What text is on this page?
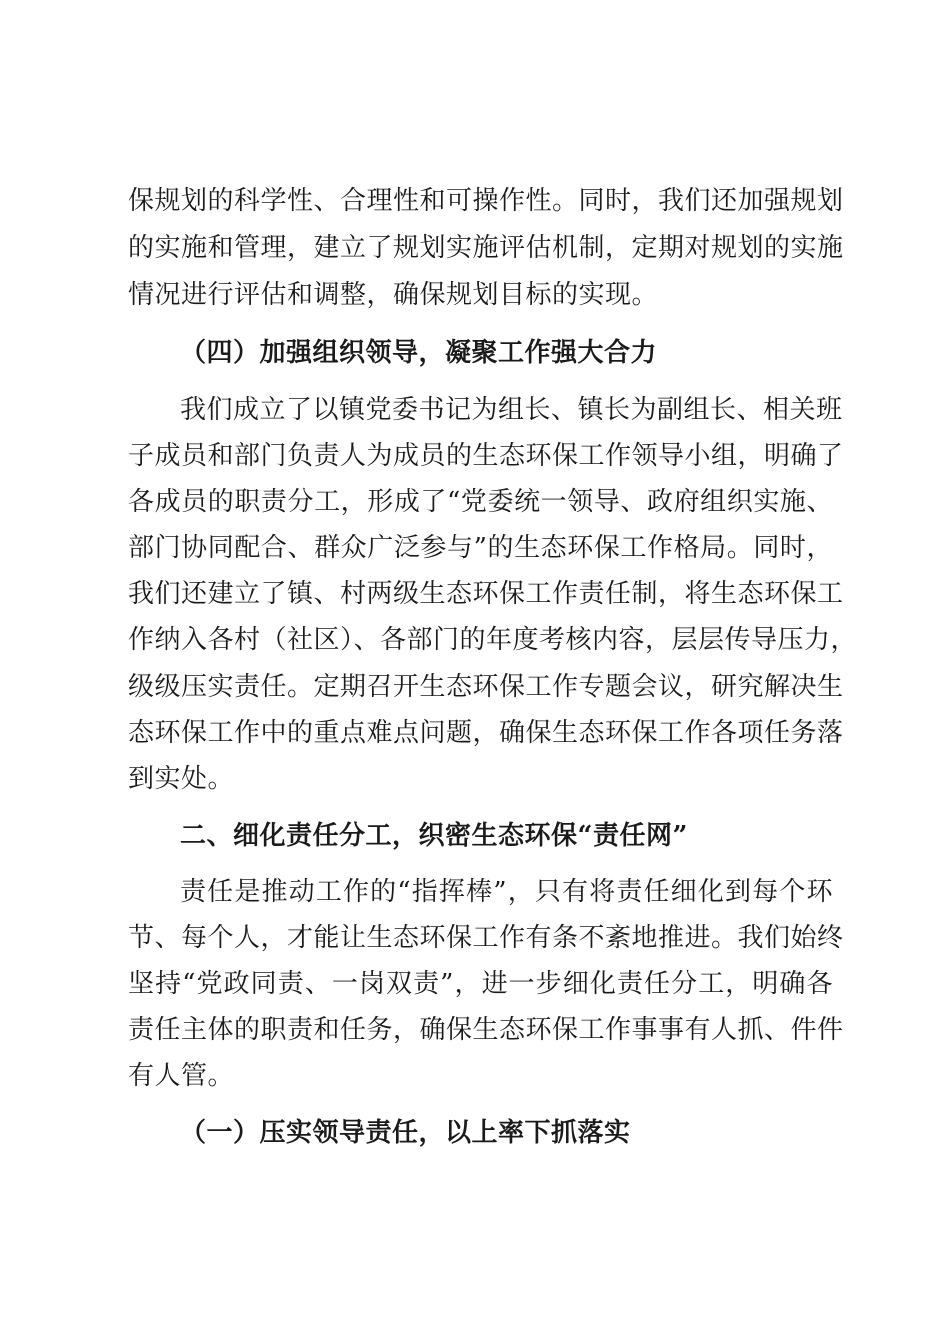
保规划的科学性、合理性和可操作性。同时，我们还加强规划
的实施和管理，建立了规划实施评估机制，定期对规划的实施
情况进行评估和调整，确保规划目标的实现。
（四）加强组织领导，凝聚工作强大合力
我们成立了以镇党委书记为组长、镇长为副组长、相关班
子成员和部门负责人为成员的生态环保工作领导小组，明确了
各成员的职责分工，形成了“党委统一领导、政府组织实施、
部门协同配合、群众广泛参与”的生态环保工作格局。同时，
我们还建立了镇、村两级生态环保工作责任制，将生态环保工
作纳入各村（社区）、各部门的年度考核内容，层层传导压力，
级级压实责任。定期召开生态环保工作专题会议，研究解决生
态环保工作中的重点难点问题，确保生态环保工作各项任务落
到实处。
二、细化责任分工，织密生态环保“责任网”
责任是推动工作的“指挥棒”，只有将责任细化到每个环
节、每个人，才能让生态环保工作有条不紊地推进。我们始终
坚持“党政同责、一岗双责”，进一步细化责任分工，明确各
责任主体的职责和任务，确保生态环保工作事事有人抓、件件
有人管。
（一）压实领导责任，以上率下抓落实
